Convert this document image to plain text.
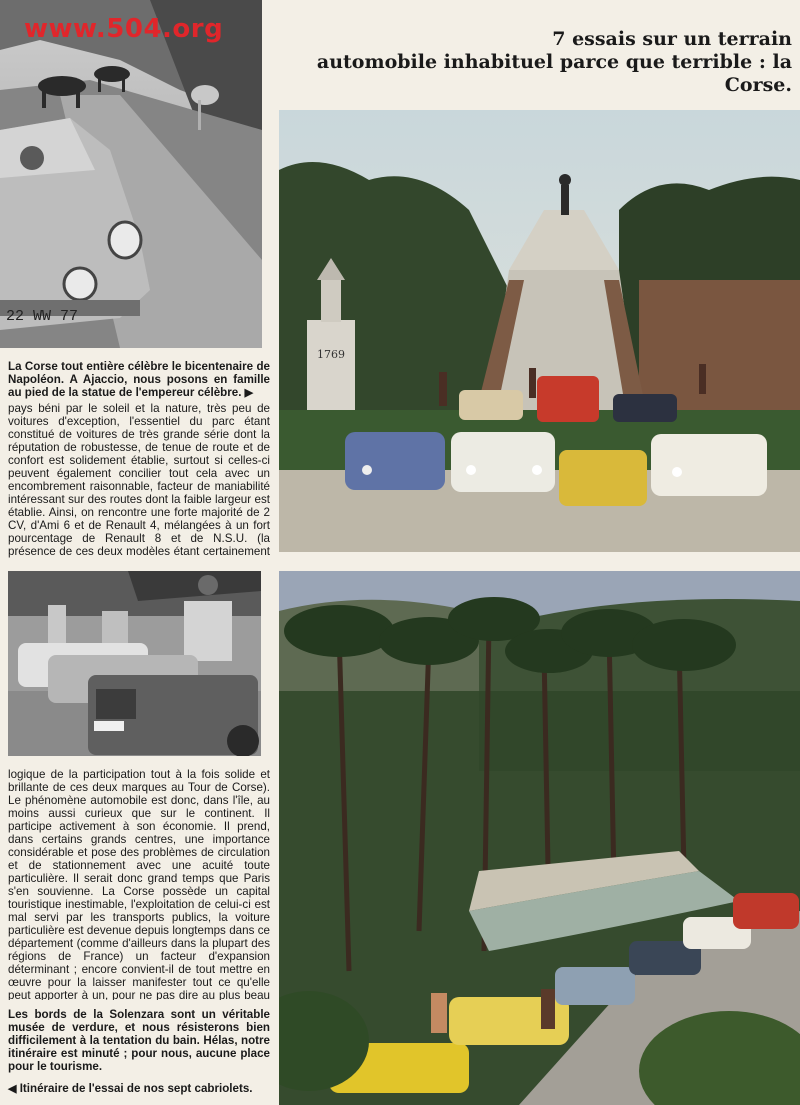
22 WW 77
www.504.org	7 essais sur un terrain
automobile inhabituel parce que terrible : la Corse.
1769
La Corse tout entière célèbre le bicentenaire de Napoléon. A Ajaccio, nous posons en famille au pied de la statue de l'empereur célèbre. ▶
pays béni par le soleil et la nature, très peu de voitures d'exception, l'essentiel du parc étant constitué de voitures de très grande série dont la réputation de robustesse, de tenue de route et de confort est solidement établie, surtout si celles-ci peuvent également concilier tout cela avec un encombrement raisonnable, facteur de maniabilité intéressant sur des routes dont la faible largeur est établie. Ainsi, on rencontre une forte majorité de 2 CV, d'Ami 6 et de Renault 4, mélangées à un fort pourcentage de Renault 8 et de N.S.U. (la présence de ces deux modèles étant certainement
logique de la participation tout à la fois solide et brillante de ces deux marques au Tour de Corse). Le phénomène automobile est donc, dans l'île, au moins aussi curieux que sur le continent. Il participe activement à son économie. Il prend, dans certains grands centres, une importance considérable et pose des problèmes de circulation et de stationnement avec une acuité toute particulière. Il serait donc grand temps que Paris s'en souvienne. La Corse possède un capital touristique inestimable, l'exploitation de celui-ci est mal servi par les transports publics, la voiture particulière est devenue depuis longtemps dans ce département (comme d'ailleurs dans la plupart des régions de France) un facteur d'expansion déterminant ; encore convient-il de tout mettre en œuvre pour la laisser manifester tout ce qu'elle peut apporter à un, pour ne pas dire au plus beau
Les bords de la Solenzara sont un véritable musée de verdure, et nous résisterons bien difficilement à la tentation du bain. Hélas, notre itinéraire est minuté ; pour nous, aucune place pour le tourisme.
◀ Itinéraire de l'essai de nos sept cabriolets.
